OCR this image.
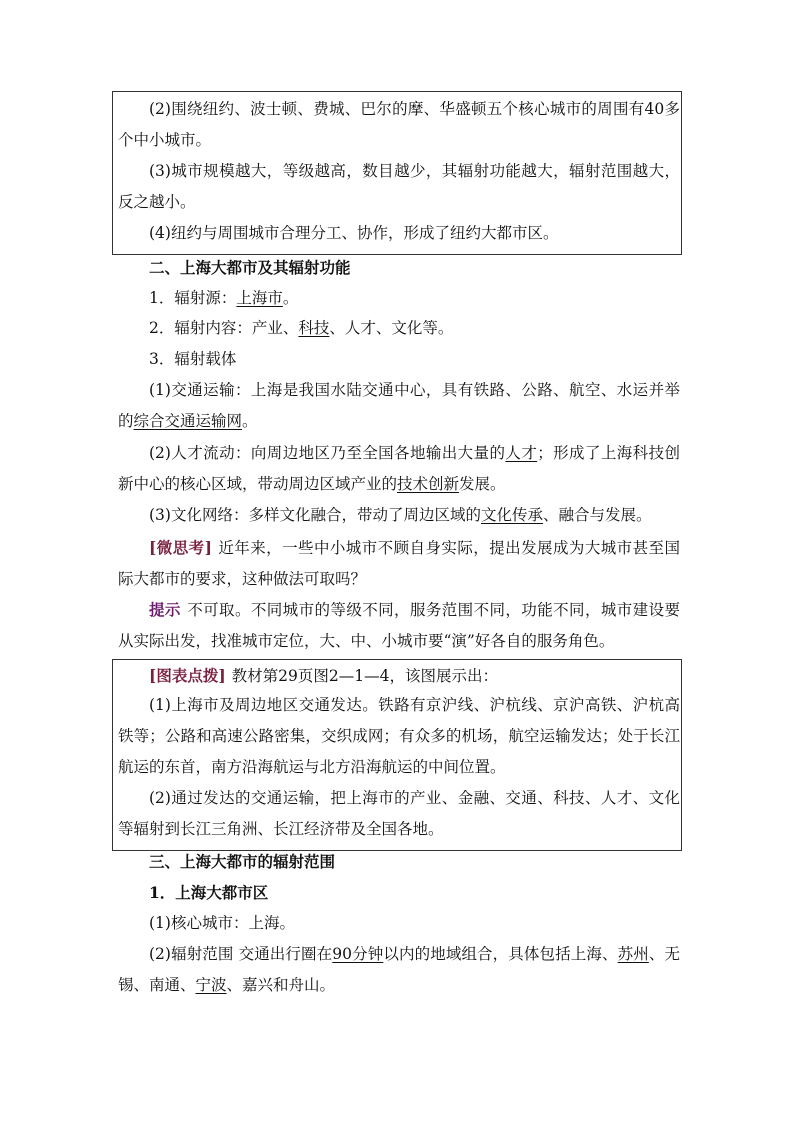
(2)围绕纽约、波士顿、费城、巴尔的摩、华盛顿五个核心城市的周围有40多个中小城市。
(3)城市规模越大，等级越高，数目越少，其辐射功能越大，辐射范围越大，反之越小。
(4)纽约与周围城市合理分工、协作，形成了纽约大都市区。
二、上海大都市及其辐射功能
1．辐射源：上海市。
2．辐射内容：产业、科技、人才、文化等。
3．辐射载体
(1)交通运输：上海是我国水陆交通中心，具有铁路、公路、航空、水运并举的综合交通运输网。
(2)人才流动：向周边地区乃至全国各地输出大量的人才；形成了上海科技创新中心的核心区域，带动周边区域产业的技术创新发展。
(3)文化网络：多样文化融合，带动了周边区域的文化传承、融合与发展。
[微思考] 近年来，一些中小城市不顾自身实际，提出发展成为大城市甚至国际大都市的要求，这种做法可取吗？
提示 不可取。不同城市的等级不同，服务范围不同，功能不同，城市建设要从实际出发，找准城市定位，大、中、小城市要“演”好各自的服务角色。
[图表点拨] 教材第29页图2—1—4，该图展示出：
(1)上海市及周边地区交通发达。铁路有京沪线、沪杭线、京沪高铁、沪杭高铁等；公路和高速公路密集，交织成网；有众多的机场，航空运输发达；处于长江航运的东首，南方沿海航运与北方沿海航运的中间位置。
(2)通过发达的交通运输，把上海市的产业、金融、交通、科技、人才、文化等辐射到长江三角洲、长江经济带及全国各地。
三、上海大都市的辐射范围
1．上海大都市区
(1)核心城市：上海。
(2)辐射范围 交通出行圈在90分钟以内的地域组合，具体包括上海、苏州、无锡、南通、宁波、嘉兴和舟山。
